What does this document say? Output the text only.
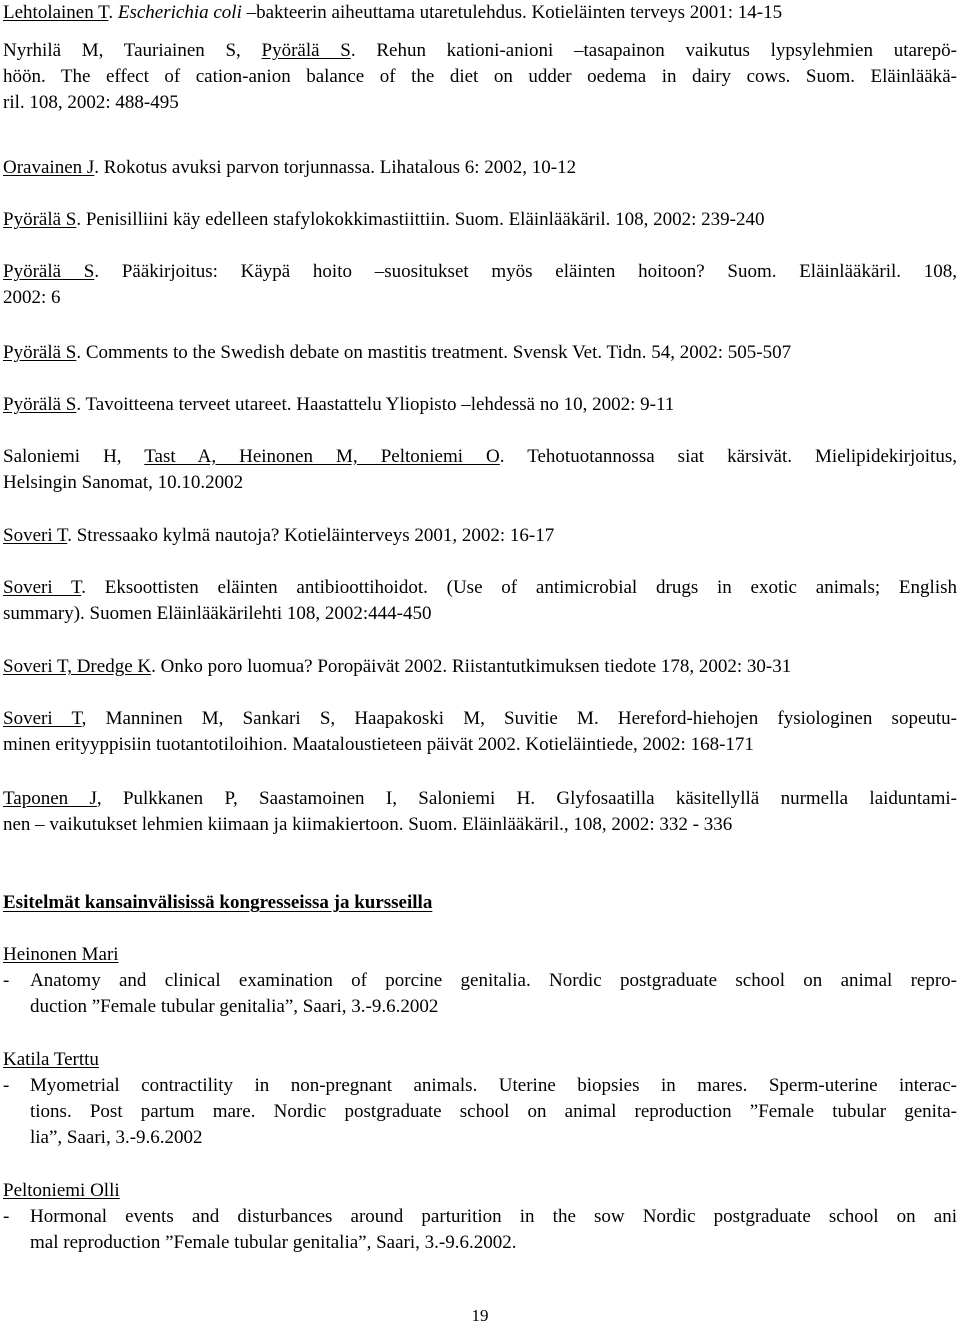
Lehtolainen T. Escherichia coli –bakteerin aiheuttama utaretulehdus. Kotieläinten terveys 2001: 14-15
Nyrhilä M, Tauriainen S, Pyörälä S. Rehun kationi-anioni –tasapainon vaikutus lypsylehmien utarepö-
höön. The effect of cation-anion balance of the diet on udder oedema in dairy cows. Suom. Eläinlääkä-
ril. 108, 2002: 488-495
Oravainen J. Rokotus avuksi parvon torjunnassa. Lihatalous 6: 2002, 10-12
Pyörälä S. Penisilliini käy edelleen stafylokokkimastiittiin. Suom. Eläinlääkäril. 108, 2002: 239-240
Pyörälä S. Pääkirjoitus: Käypä hoito –suositukset myös eläinten hoitoon? Suom. Eläinlääkäril. 108,
2002: 6
Pyörälä S. Comments to the Swedish debate on mastitis treatment. Svensk Vet. Tidn. 54, 2002: 505-507
Pyörälä S. Tavoitteena terveet utareet. Haastattelu Yliopisto –lehdessä no 10, 2002: 9-11
Saloniemi H, Tast A, Heinonen M, Peltoniemi O. Tehotuotannossa siat kärsivät. Mielipidekirjoitus,
Helsingin Sanomat, 10.10.2002
Soveri T. Stressaako kylmä nautoja? Kotieläinterveys 2001, 2002: 16-17
Soveri T. Eksoottisten eläinten antibioottihoidot. (Use of antimicrobial drugs in exotic animals; English
summary). Suomen Eläinlääkärilehti 108, 2002:444-450
Soveri T, Dredge K. Onko poro luomua? Poropäivät 2002. Riistantutkimuksen tiedote 178, 2002: 30-31
Soveri T, Manninen M, Sankari S, Haapakoski M, Suvitie M. Hereford-hiehojen fysiologinen sopeutu-
minen erityyppisiin tuotantotiloihion. Maataloustieteen päivät 2002. Kotieläintiede, 2002: 168-171
Taponen J, Pulkkanen P, Saastamoinen I, Saloniemi H. Glyfosaatilla käsitellyllä nurmella laiduntami-
nen – vaikutukset lehmien kiimaan ja kiimakiertoon. Suom. Eläinlääkäril., 108, 2002: 332 - 336
Esitelmät kansainvälisissä kongresseissa ja kursseilla
Heinonen Mari
- Anatomy and clinical examination of porcine genitalia. Nordic postgraduate school on animal repro-
duction ”Female tubular genitalia”, Saari, 3.-9.6.2002
Katila Terttu
- Myometrial contractility in non-pregnant animals. Uterine biopsies in mares. Sperm-uterine interac-
tions. Post partum mare. Nordic postgraduate school on animal reproduction ”Female tubular genita-
lia”, Saari, 3.-9.6.2002
Peltoniemi Olli
- Hormonal events and disturbances around parturition in the sow Nordic postgraduate school on ani
mal reproduction ”Female tubular genitalia”, Saari, 3.-9.6.2002.
19
